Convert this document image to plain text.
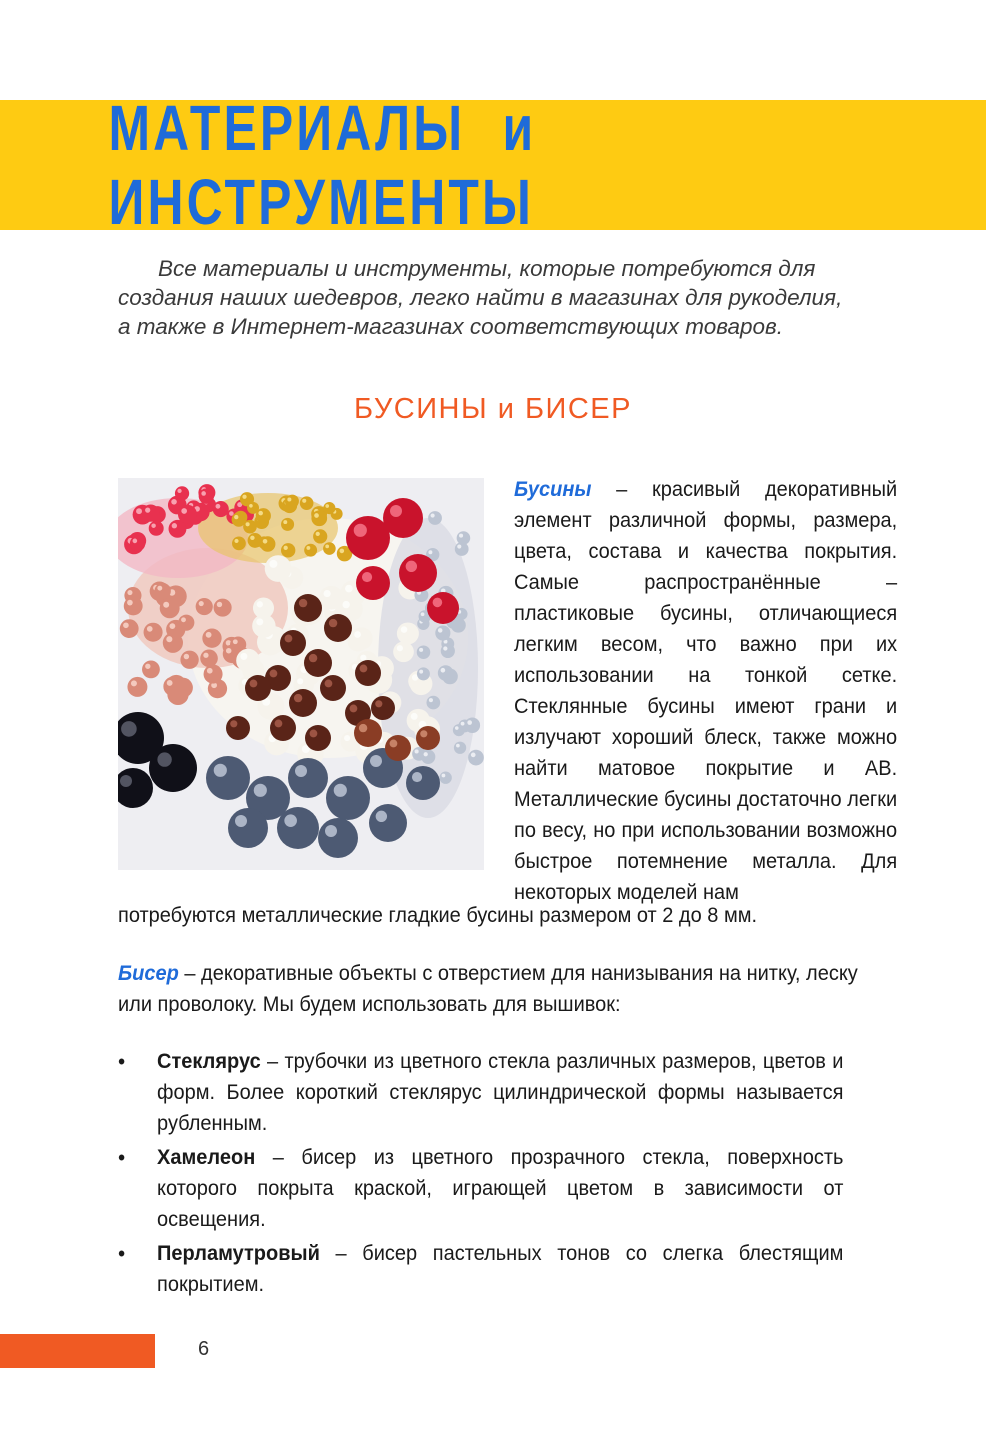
МАТЕРИАЛЫ и ИНСТРУМЕНТЫ
Все материалы и инструменты, которые потребуются для создания наших шедевров, легко найти в магазинах для рукоделия, а также в Интернет-магазинах соответствующих товаров.
БУСИНЫ и БИСЕР
Бусины – красивый декоративный элемент различной формы, размера, цвета, состава и качества покрытия. Самые распространённые – пластиковые бусины, отличающиеся легким весом, что важно при их использовании на тонкой сетке. Стеклянные бусины имеют грани и излучают хороший блеск, также можно найти матовое покрытие и АВ. Металлические бусины достаточно легки по весу, но при использовании возможно быстрое потемнение металла. Для некоторых моделей нам
потребуются металлические гладкие бусины размером от 2 до 8 мм.
Бисер – декоративные объекты с отверстием для нанизывания на нитку, леску или проволоку. Мы будем использовать для вышивок:
• Стеклярус – трубочки из цветного стекла различных размеров, цветов и форм. Более короткий стеклярус цилиндрической формы называется рубленным.
• Хамелеон – бисер из цветного прозрачного стекла, поверхность которого покрыта краской, играющей цветом в зависимости от освещения.
• Перламутровый – бисер пастельных тонов со слегка блестящим покрытием.
6
